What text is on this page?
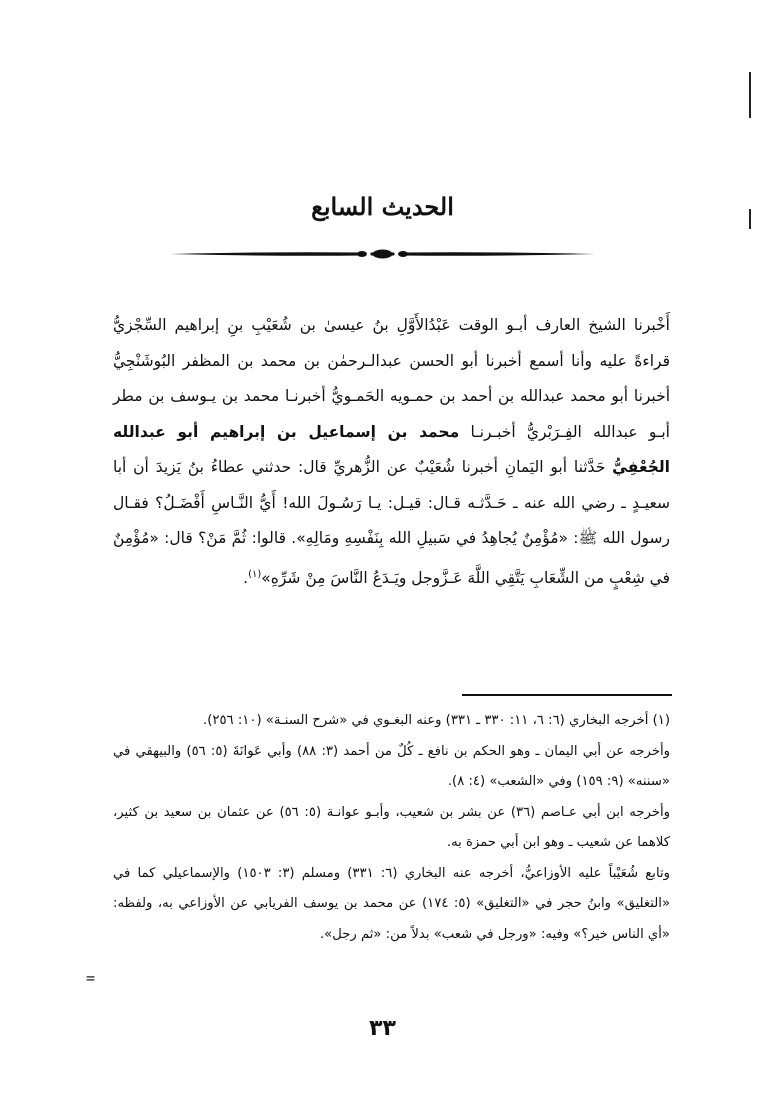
الحديث السابع

أَخْبرنا الشيخ العارف أبـو الوقت عَبْدُالأَوَّلِ بنُ عيسىٰ بن شُعَيْبِ بنِ إبراهيم السِّجْزيُّ قراءةً عليه وأنا أسمع أخبرنا أبو الحسن عبدالـرحمٰن بن محمد بن المظفر البُوشَنْجِيُّ أخبرنا أبو محمد عبدالله بن أحمد بن حمـويه الحَمـويُّ أخبرنـا محمد بن يـوسف بن مطر أبـو عبدالله الفِـرَبْريُّ أخبـرنـا محمد بن إسماعيل بن إبراهيم أبو عبدالله الجُعْفِيُّ حَدَّثنا أبو اليَمانِ أخبرنا شُعَيْبٌ عن الزُّهريِّ قال: حدثني عطاءُ بنُ يَزيدَ أن أبا سعيـدٍ ـ رضي الله عنه ـ حَـدَّثـه قـال: قيـل: يـا رَسُـولَ الله! أَيُّ النَّـاسِ أَفْضَـلُ؟ فقـال رسول الله ﷺ: «مُؤْمِنٌ يُجاهِدُ في سَبيلِ الله بِنَفْسِهِ ومَالِهِ». قالوا: ثُمَّ مَنْ؟ قال: «مُؤْمِنٌ في شِعْبٍ من الشِّعَابِ يَتَّقِي اللَّهَ عَـزَّوجل ويَـدَعُ النَّاسَ مِنْ شَرِّهِ»$^{(١)}$.

(١) أخرجه البخاري (٦: ٦، ١١: ٣٣٠ ـ ٣٣١) وعنه البغـوي في «شرح السنـة» (١٠: ٢٥٦).

وأخرجه عن أبي اليمان ـ وهو الحكم بن نافع ـ كُلٌ من أحمد (٣: ٨٨) وأبي عَوانَةَ (٥: ٥٦) والبيهقي في «سننه» (٩: ١٥٩) وفي «الشعب» (٤: ٨).

وأخرجه ابن أبي عـاصم (٣٦) عن بشر بن شعيب، وأبـو عوانـة (٥: ٥٦) عن عثمان بن سعيد بن كثير، كلاهما عن شعيب ـ وهو ابن أبي حمزة به.

وتابع شُعَيْباً عليه الأوزاعيُّ، أخرجه عنه البخاري (٦: ٣٣١) ومسلم (٣: ١٥٠٣) والإسماعيلي كما في «التغليق» وابنُ حجر في «التغليق» (٥: ١٧٤) عن محمد بن يوسف الفريابي عن الأوزاعي به، ولفظه: «أي الناس خير؟» وفيه: «ورجل في شعب» بدلاً من: «ثم رجل».

=
٣٣
